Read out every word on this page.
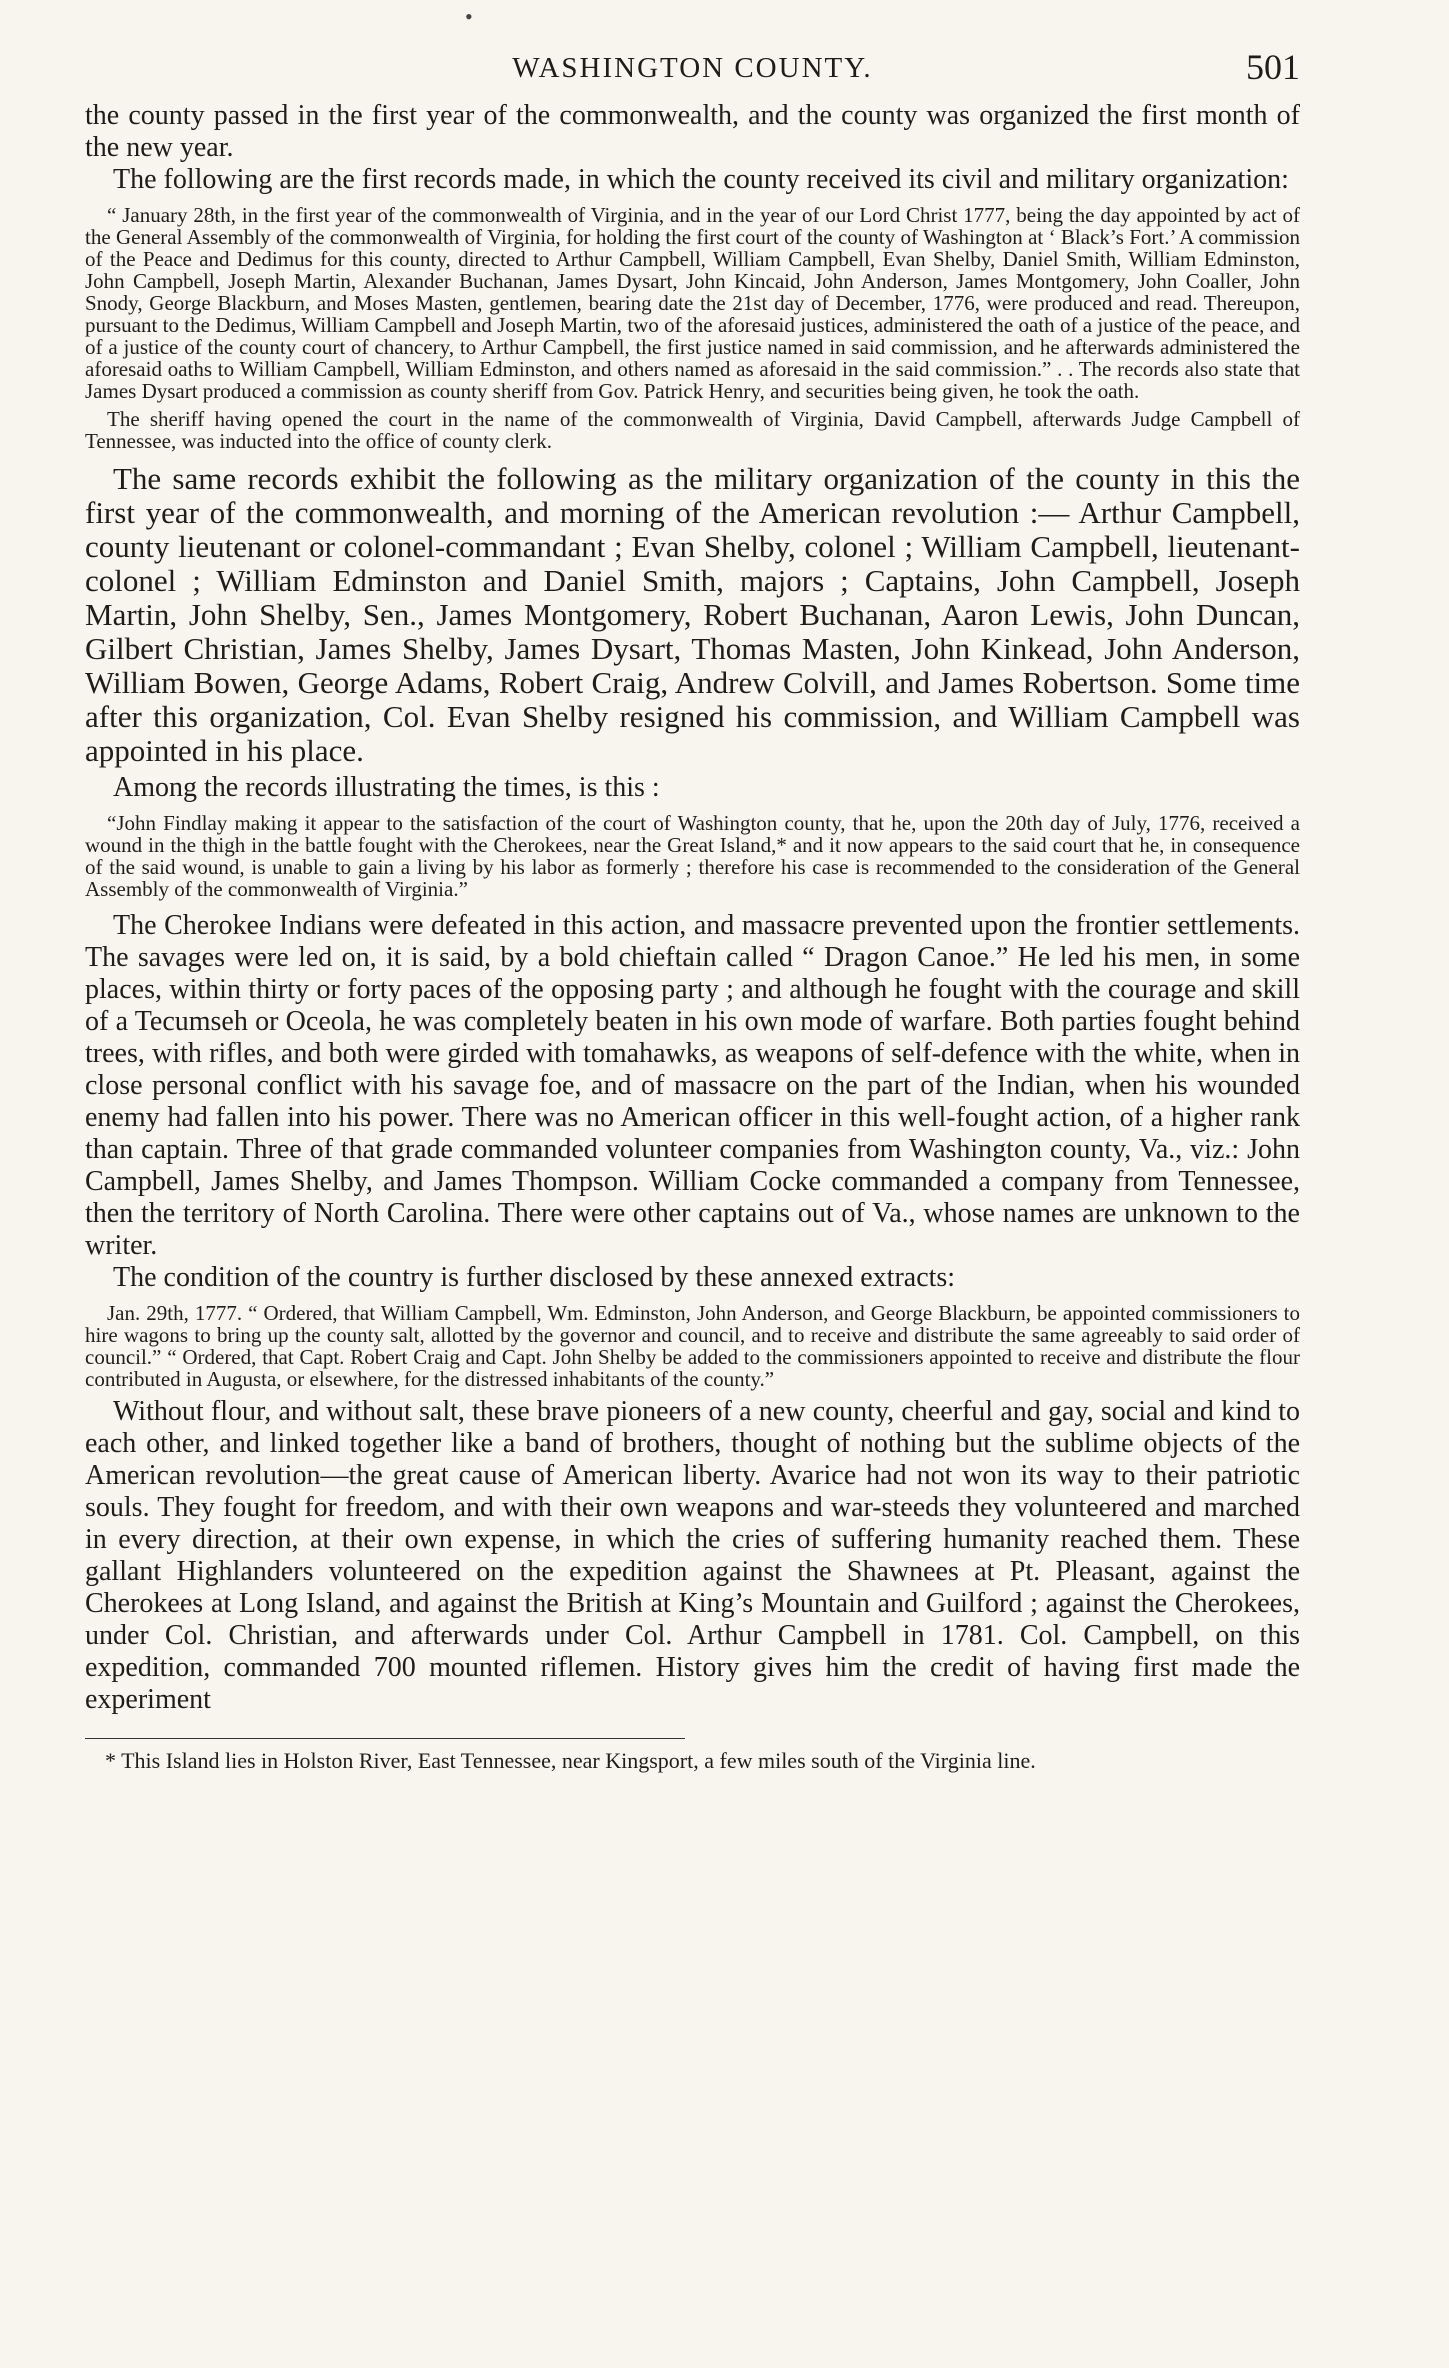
•
WASHINGTON COUNTY.	501

the county passed in the first year of the commonwealth, and the county was organized the first month of the new year.

The following are the first records made, in which the county received its civil and military organization:

“ January 28th, in the first year of the commonwealth of Virginia, and in the year of our Lord Christ 1777, being the day appointed by act of the General Assembly of the commonwealth of Virginia, for holding the first court of the county of Washington at ‘ Black’s Fort.’ A commission of the Peace and Dedimus for this county, directed to Arthur Campbell, William Campbell, Evan Shelby, Daniel Smith, William Edminston, John Campbell, Joseph Martin, Alexander Buchanan, James Dysart, John Kincaid, John Anderson, James Montgomery, John Coaller, John Snody, George Blackburn, and Moses Masten, gentlemen, bearing date the 21st day of December, 1776, were produced and read. Thereupon, pursuant to the Dedimus, William Campbell and Joseph Martin, two of the aforesaid justices, administered the oath of a justice of the peace, and of a justice of the county court of chancery, to Arthur Campbell, the first justice named in said commission, and he afterwards administered the aforesaid oaths to William Campbell, William Edminston, and others named as aforesaid in the said commission.” . . The records also state that James Dysart produced a commission as county sheriff from Gov. Patrick Henry, and securities being given, he took the oath.

The sheriff having opened the court in the name of the commonwealth of Virginia, David Campbell, afterwards Judge Campbell of Tennessee, was inducted into the office of county clerk.

The same records exhibit the following as the military organization of the county in this the first year of the commonwealth, and morning of the American revolution :— Arthur Campbell, county lieutenant or colonel-commandant ; Evan Shelby, colonel ; William Campbell, lieutenant-colonel ; William Edminston and Daniel Smith, majors ; Captains, John Campbell, Joseph Martin, John Shelby, Sen., James Montgomery, Robert Buchanan, Aaron Lewis, John Duncan, Gilbert Christian, James Shelby, James Dysart, Thomas Masten, John Kinkead, John Anderson, William Bowen, George Adams, Robert Craig, Andrew Colvill, and James Robertson. Some time after this organization, Col. Evan Shelby resigned his commission, and William Campbell was appointed in his place.

Among the records illustrating the times, is this :

“John Findlay making it appear to the satisfaction of the court of Washington county, that he, upon the 20th day of July, 1776, received a wound in the thigh in the battle fought with the Cherokees, near the Great Island,* and it now appears to the said court that he, in consequence of the said wound, is unable to gain a living by his labor as formerly ; therefore his case is recommended to the consideration of the General Assembly of the commonwealth of Virginia.”

The Cherokee Indians were defeated in this action, and massacre prevented upon the frontier settlements. The savages were led on, it is said, by a bold chieftain called “ Dragon Canoe.” He led his men, in some places, within thirty or forty paces of the opposing party ; and although he fought with the courage and skill of a Tecumseh or Oceola, he was completely beaten in his own mode of warfare. Both parties fought behind trees, with rifles, and both were girded with tomahawks, as weapons of self-defence with the white, when in close personal conflict with his savage foe, and of massacre on the part of the Indian, when his wounded enemy had fallen into his power. There was no American officer in this well-fought action, of a higher rank than captain. Three of that grade commanded volunteer companies from Washington county, Va., viz.: John Campbell, James Shelby, and James Thompson. William Cocke commanded a company from Tennessee, then the territory of North Carolina. There were other captains out of Va., whose names are unknown to the writer.

The condition of the country is further disclosed by these annexed extracts:

Jan. 29th, 1777. “ Ordered, that William Campbell, Wm. Edminston, John Anderson, and George Blackburn, be appointed commissioners to hire wagons to bring up the county salt, allotted by the governor and council, and to receive and distribute the same agreeably to said order of council.” “ Ordered, that Capt. Robert Craig and Capt. John Shelby be added to the commissioners appointed to receive and distribute the flour contributed in Augusta, or elsewhere, for the distressed inhabitants of the county.”

Without flour, and without salt, these brave pioneers of a new county, cheerful and gay, social and kind to each other, and linked together like a band of brothers, thought of nothing but the sublime objects of the American revolution—the great cause of American liberty. Avarice had not won its way to their patriotic souls. They fought for freedom, and with their own weapons and war-steeds they volunteered and marched in every direction, at their own expense, in which the cries of suffering humanity reached them. These gallant Highlanders volunteered on the expedition against the Shawnees at Pt. Pleasant, against the Cherokees at Long Island, and against the British at King’s Mountain and Guilford ; against the Cherokees, under Col. Christian, and afterwards under Col. Arthur Campbell in 1781. Col. Campbell, on this expedition, commanded 700 mounted riflemen. History gives him the credit of having first made the experiment

* This Island lies in Holston River, East Tennessee, near Kingsport, a few miles south of the Virginia line.
